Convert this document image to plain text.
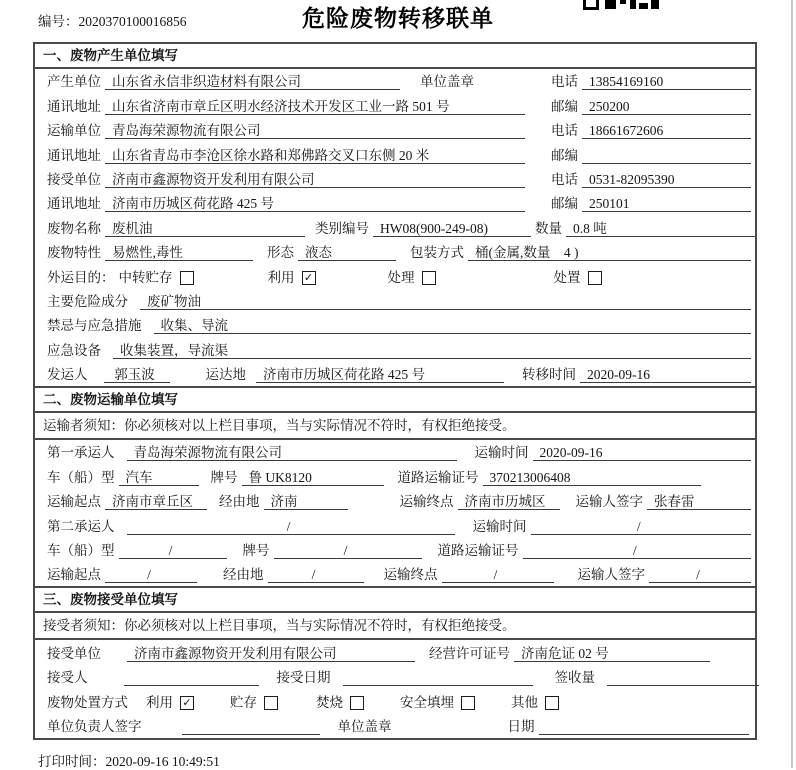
编号：2020370100016856	危险废物转移联单
一、废物产生单位填写
产生单位 山东省永信非织造材料有限公司	单位盖章	电话 13854169160
通讯地址 山东省济南市章丘区明水经济技术开发区工业一路 501 号	邮编 250200
运输单位 青岛海荣源物流有限公司	电话 18661672606
通讯地址 山东省青岛市李沧区徐水路和郑佛路交叉口东侧 20 米	邮编
接受单位 济南市鑫源物资开发利用有限公司	电话 0531-82095390
通讯地址 济南市历城区荷花路 425 号	邮编 250101
废物名称 废机油	类别编号 HW08(900-249-08)	数量 0.8 吨
废物特性 易燃性,毒性	形态 液态	包装方式 桶(金属,数量　4 )
外运目的： 中转贮存	利用 ✓	处理	处置
主要危险成分	废矿物油
禁忌与应急措施	收集、导流
应急设备	收集装置，导流渠
发运人	郭玉波	运达地	济南市历城区荷花路 425 号	转移时间 2020-09-16
二、废物运输单位填写
运输者须知：你必须核对以上栏目事项，当与实际情况不符时，有权拒绝接受。
第一承运人	青岛海荣源物流有限公司	运输时间 2020-09-16
车（船）型 汽车	牌号 鲁 UK8120	道路运输证号 370213006408
运输起点 济南市章丘区	经由地 济南	运输终点 济南市历城区	运输人签字 张春雷
第二承运人	/	运输时间	/
车（船）型	/	牌号	/	道路运输证号	/
运输起点	/	经由地	/	运输终点	/	运输人签字	/
三、废物接受单位填写
接受者须知：你必须核对以上栏目事项，当与实际情况不符时，有权拒绝接受。
接受单位	济南市鑫源物资开发利用有限公司	经营许可证号 济南危证 02 号
接受人	接受日期	签收量
废物处置方式 利用 ✓	贮存	焚烧	安全填埋	其他
单位负责人签字	单位盖章	日期
打印时间：2020-09-16 10:49:51
